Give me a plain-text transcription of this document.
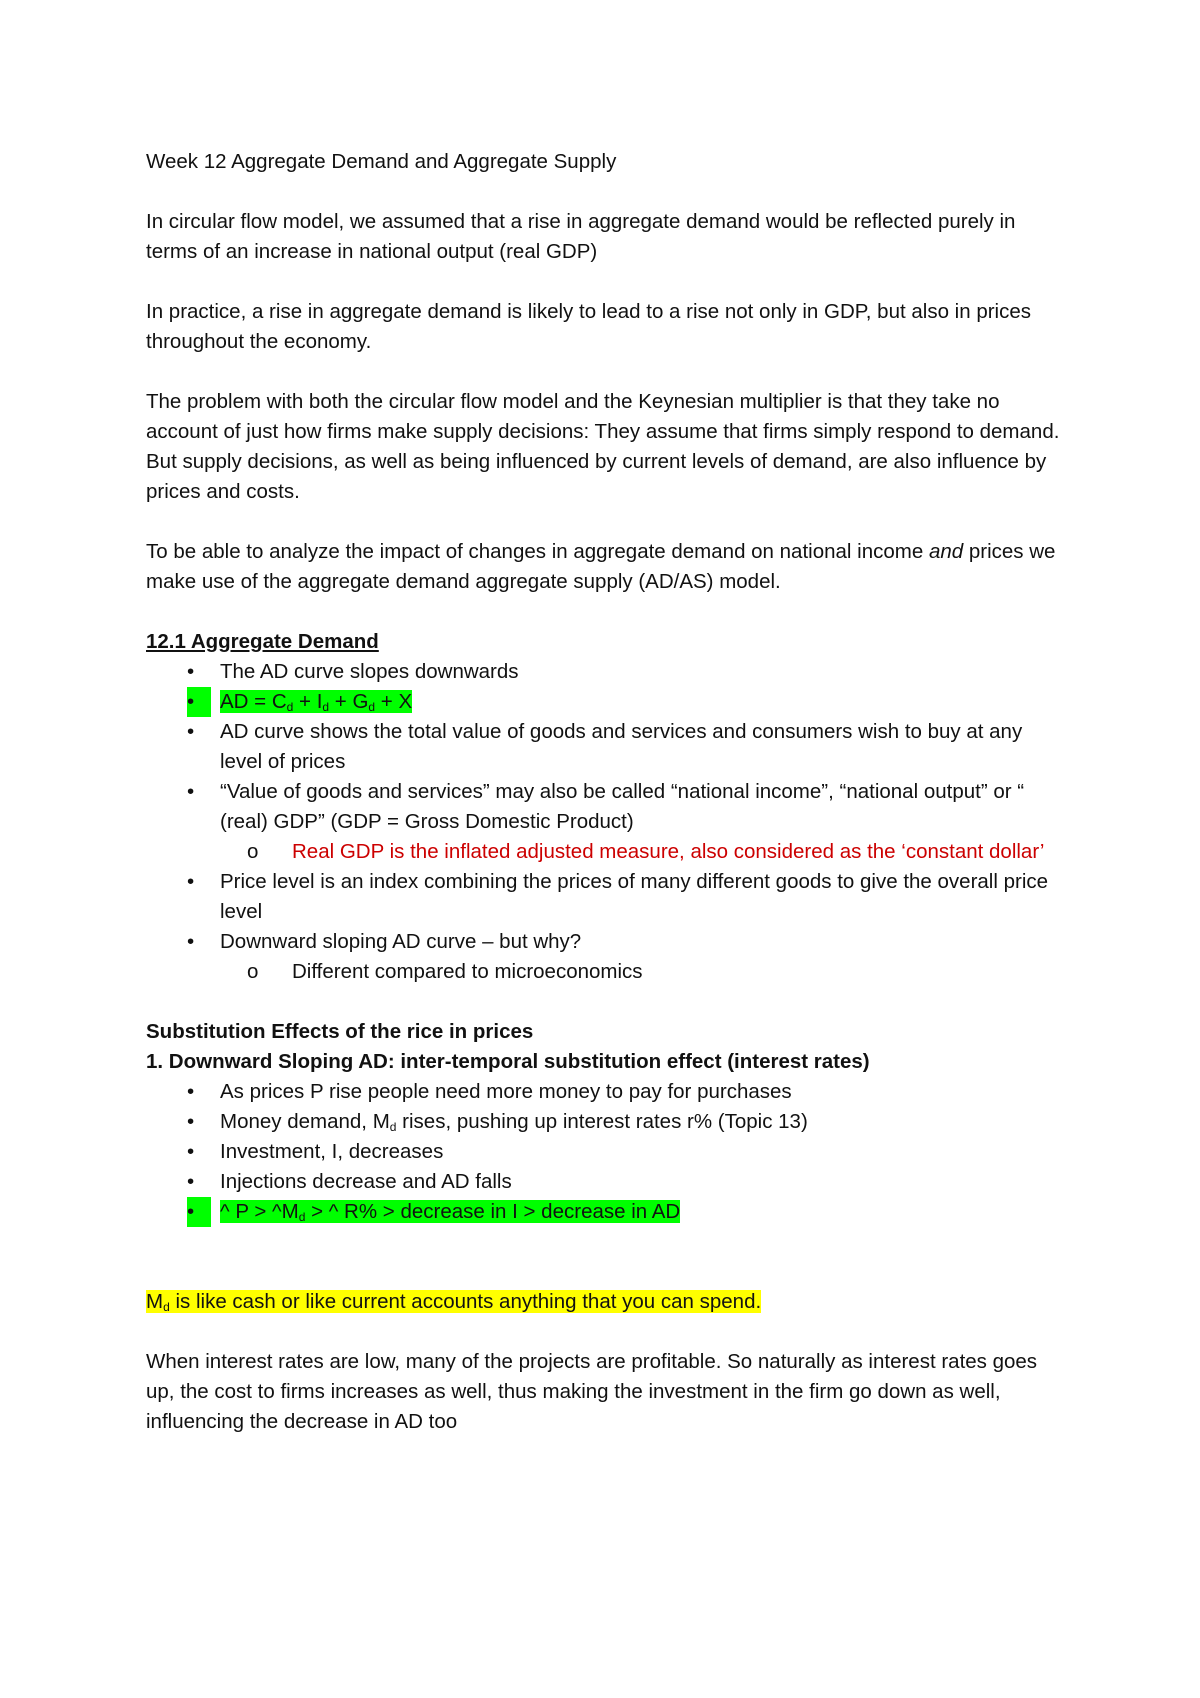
Week 12 Aggregate Demand and Aggregate Supply

In circular flow model, we assumed that a rise in aggregate demand would be reflected purely in terms of an increase in national output (real GDP)

In practice, a rise in aggregate demand is likely to lead to a rise not only in GDP, but also in prices throughout the economy.

The problem with both the circular flow model and the Keynesian multiplier is that they take no account of just how firms make supply decisions: They assume that firms simply respond to demand. But supply decisions, as well as being influenced by current levels of demand, are also influence by prices and costs.

To be able to analyze the impact of changes in aggregate demand on national income and prices we make use of the aggregate demand aggregate supply (AD/AS) model.

12.1 Aggregate Demand

•	The AD curve slopes downwards
•	AD = $C_d + I_d + G_d + X$
•	AD curve shows the total value of goods and services and consumers wish to buy at any level of prices
•	“Value of goods and services” may also be called “national income”, “national output” or “ (real) GDP” (GDP = Gross Domestic Product)
o Real GDP is the inflated adjusted measure, also considered as the ‘constant dollar’
•	Price level is an index combining the prices of many different goods to give the overall price level
•	Downward sloping AD curve – but why?
o Different compared to microeconomics

Substitution Effects of the rice in prices

1. Downward Sloping AD: inter-temporal substitution effect (interest rates)

•	As prices P rise people need more money to pay for purchases
•	Money demand, $M_d$ rises, pushing up interest rates r% (Topic 13)
•	Investment, I, decreases
•	Injections decrease and AD falls
•	^ $P > \^{}M_d$ > ^ R% > decrease in I > decrease in AD

$M_d$ is like cash or like current accounts anything that you can spend.

When interest rates are low, many of the projects are profitable. So naturally as interest rates goes up, the cost to firms increases as well, thus making the investment in the firm go down as well, influencing the decrease in AD too
